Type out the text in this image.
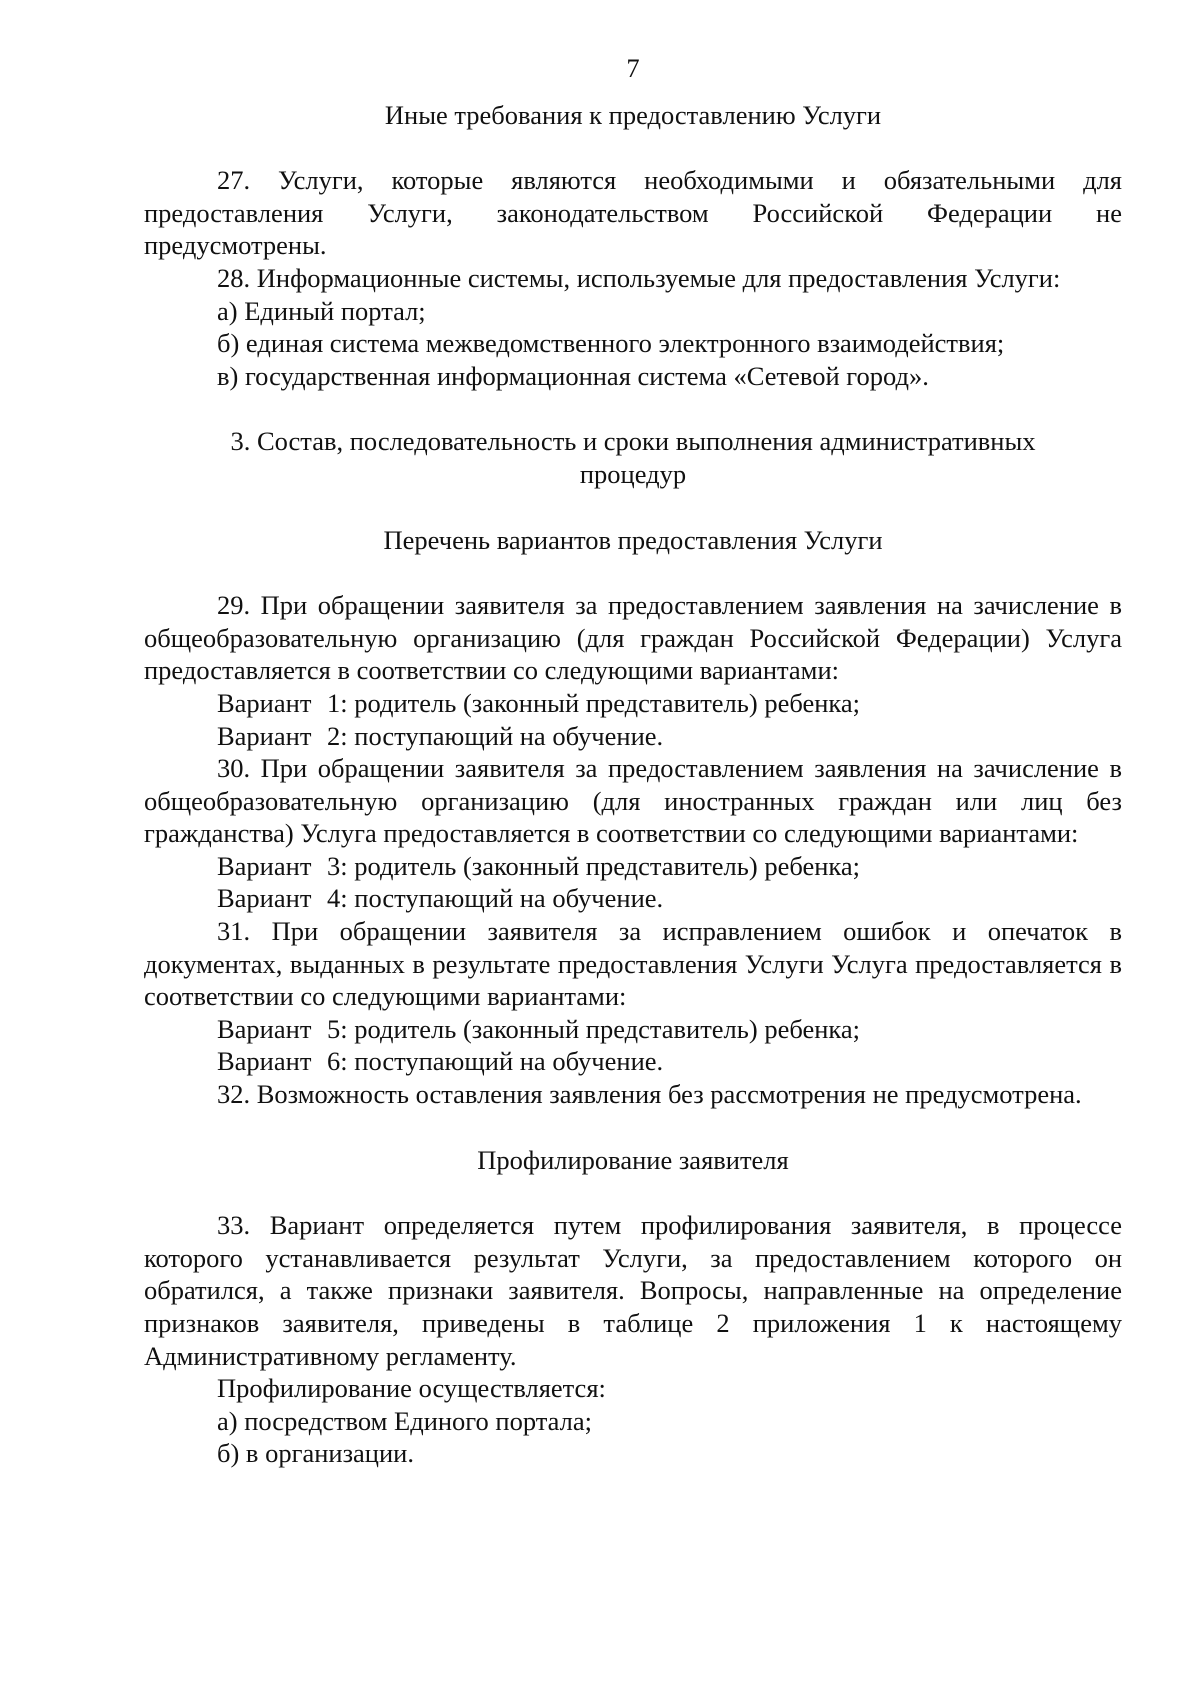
7

Иные требования к предоставлению Услуги

27. Услуги, которые являются необходимыми и обязательными для предоставления Услуги, законодательством Российской Федерации не предусмотрены.

28. Информационные системы, используемые для предоставления Услуги:

а) Единый портал;

б) единая система межведомственного электронного взаимодействия;

в) государственная информационная система «Сетевой город».

3. Состав, последовательность и сроки выполнения административных процедур

Перечень вариантов предоставления Услуги

29. При обращении заявителя за предоставлением заявления на зачисление в общеобразовательную организацию (для граждан Российской Федерации) Услуга предоставляется в соответствии со следующими вариантами:

Вариант 1: родитель (законный представитель) ребенка;

Вариант 2: поступающий на обучение.

30. При обращении заявителя за предоставлением заявления на зачисление в общеобразовательную организацию (для иностранных граждан или лиц без гражданства) Услуга предоставляется в соответствии со следующими вариантами:

Вариант 3: родитель (законный представитель) ребенка;

Вариант 4: поступающий на обучение.

31. При обращении заявителя за исправлением ошибок и опечаток в документах, выданных в результате предоставления Услуги Услуга предоставляется в соответствии со следующими вариантами:

Вариант 5: родитель (законный представитель) ребенка;

Вариант 6: поступающий на обучение.

32. Возможность оставления заявления без рассмотрения не предусмотрена.

Профилирование заявителя

33. Вариант определяется путем профилирования заявителя, в процессе которого устанавливается результат Услуги, за предоставлением которого он обратился, а также признаки заявителя. Вопросы, направленные на определение признаков заявителя, приведены в таблице 2 приложения 1 к настоящему Административному регламенту.

Профилирование осуществляется:

а) посредством Единого портала;

б) в организации.
